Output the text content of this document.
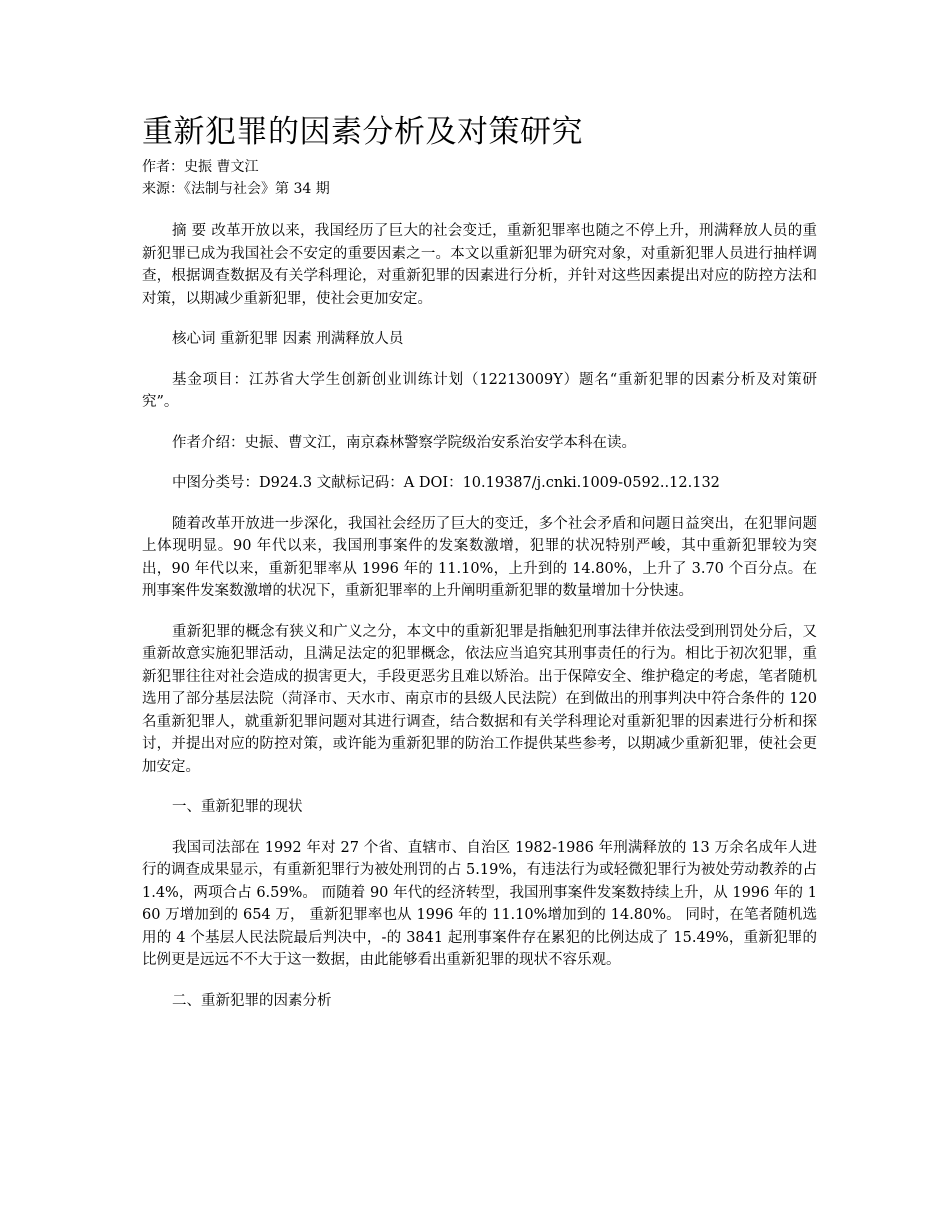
重新犯罪的因素分析及对策研究

作者：史振 曹文江

来源：《法制与社会》第 34 期

摘 要 改革开放以来，我国经历了巨大的社会变迁，重新犯罪率也随之不停上升，刑满释放人员的重新犯罪已成为我国社会不安定的重要因素之一。本文以重新犯罪为研究对象，对重新犯罪人员进行抽样调查，根据调查数据及有关学科理论，对重新犯罪的因素进行分析，并针对这些因素提出对应的防控方法和对策，以期减少重新犯罪，使社会更加安定。

核心词 重新犯罪 因素 刑满释放人员

基金项目：江苏省大学生创新创业训练计划（12213009Y）题名“重新犯罪的因素分析及对策研究”。

作者介绍：史振、曹文江，南京森林警察学院级治安系治安学本科在读。

中图分类号：D924.3 文献标记码：A DOI：10.19387/j.cnki.1009-0592..12.132

随着改革开放进一步深化，我国社会经历了巨大的变迁，多个社会矛盾和问题日益突出，在犯罪问题上体现明显。90 年代以来，我国刑事案件的发案数激增，犯罪的状况特别严峻，其中重新犯罪较为突出，90 年代以来，重新犯罪率从 1996 年的 11.10%，上升到的 14.80%，上升了 3.70 个百分点。在刑事案件发案数激增的状况下，重新犯罪率的上升阐明重新犯罪的数量增加十分快速。

重新犯罪的概念有狭义和广义之分，本文中的重新犯罪是指触犯刑事法律并依法受到刑罚处分后，又重新故意实施犯罪活动，且满足法定的犯罪概念，依法应当追究其刑事责任的行为。相比于初次犯罪，重新犯罪往往对社会造成的损害更大，手段更恶劣且难以矫治。出于保障安全、维护稳定的考虑，笔者随机选用了部分基层法院（菏泽市、天水市、南京市的县级人民法院）在到做出的刑事判决中符合条件的 120 名重新犯罪人，就重新犯罪问题对其进行调查，结合数据和有关学科理论对重新犯罪的因素进行分析和探讨，并提出对应的防控对策，或许能为重新犯罪的防治工作提供某些参考，以期减少重新犯罪，使社会更加安定。

一、重新犯罪的现状

我国司法部在 1992 年对 27 个省、直辖市、自治区 1982-1986 年刑满释放的 13 万余名成年人进行的调查成果显示，有重新犯罪行为被处刑罚的占 5.19%，有违法行为或轻微犯罪行为被处劳动教养的占 1.4%，两项合占 6.59%。 而随着 90 年代的经济转型，我国刑事案件发案数持续上升，从 1996 年的 160 万增加到的 654 万， 重新犯罪率也从 1996 年的 11.10%增加到的 14.80%。 同时，在笔者随机选用的 4 个基层人民法院最后判决中，-的 3841 起刑事案件存在累犯的比例达成了 15.49%，重新犯罪的比例更是远远不不大于这一数据，由此能够看出重新犯罪的现状不容乐观。

二、重新犯罪的因素分析
